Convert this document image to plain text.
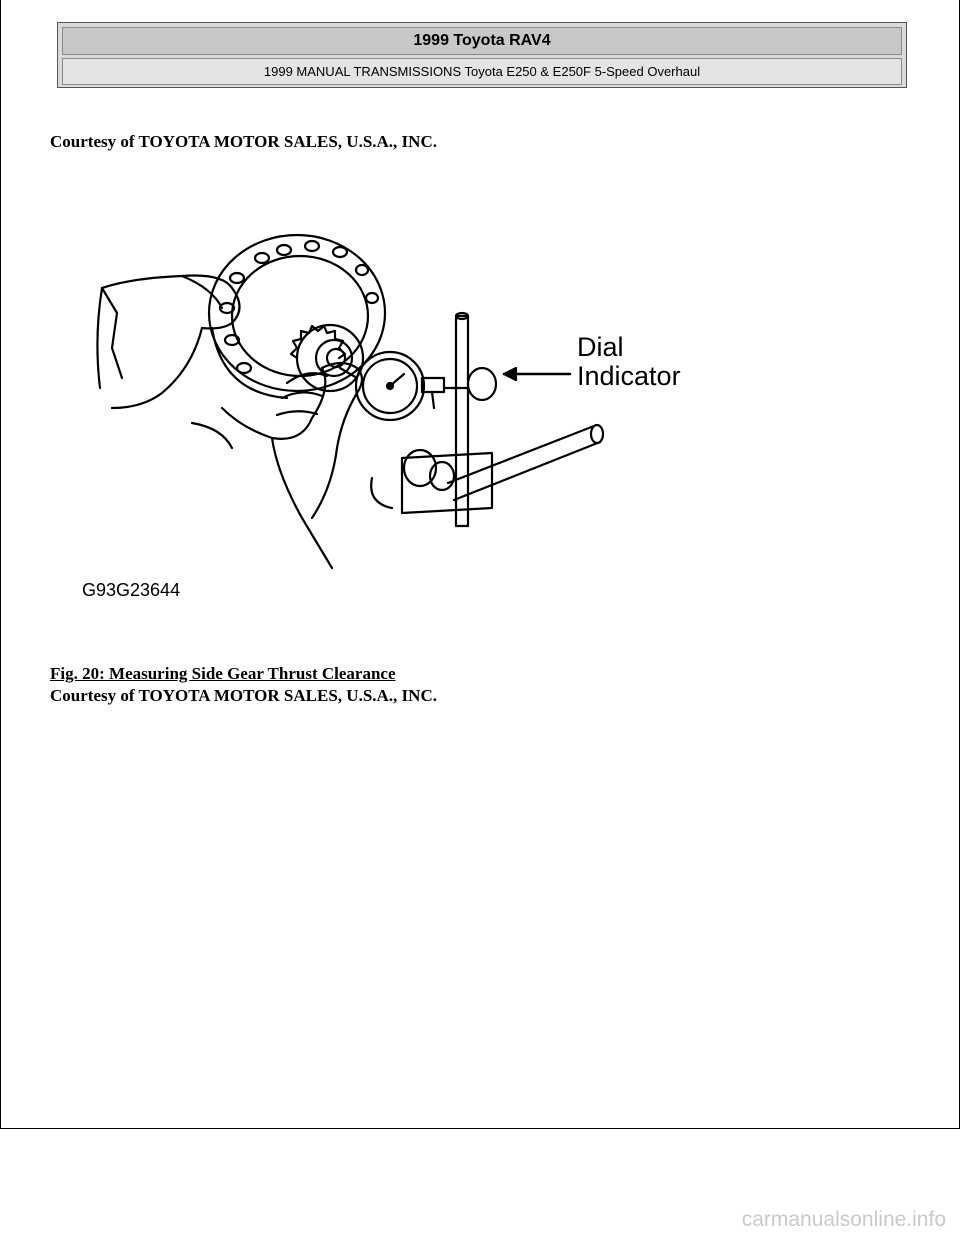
1999 Toyota RAV4
1999 MANUAL TRANSMISSIONS Toyota E250 & E250F 5-Speed Overhaul
Courtesy of TOYOTA MOTOR SALES, U.S.A., INC.
Dial
Indicator
G93G23644
Fig. 20: Measuring Side Gear Thrust Clearance
Courtesy of TOYOTA MOTOR SALES, U.S.A., INC.
carmanualsonline.info
